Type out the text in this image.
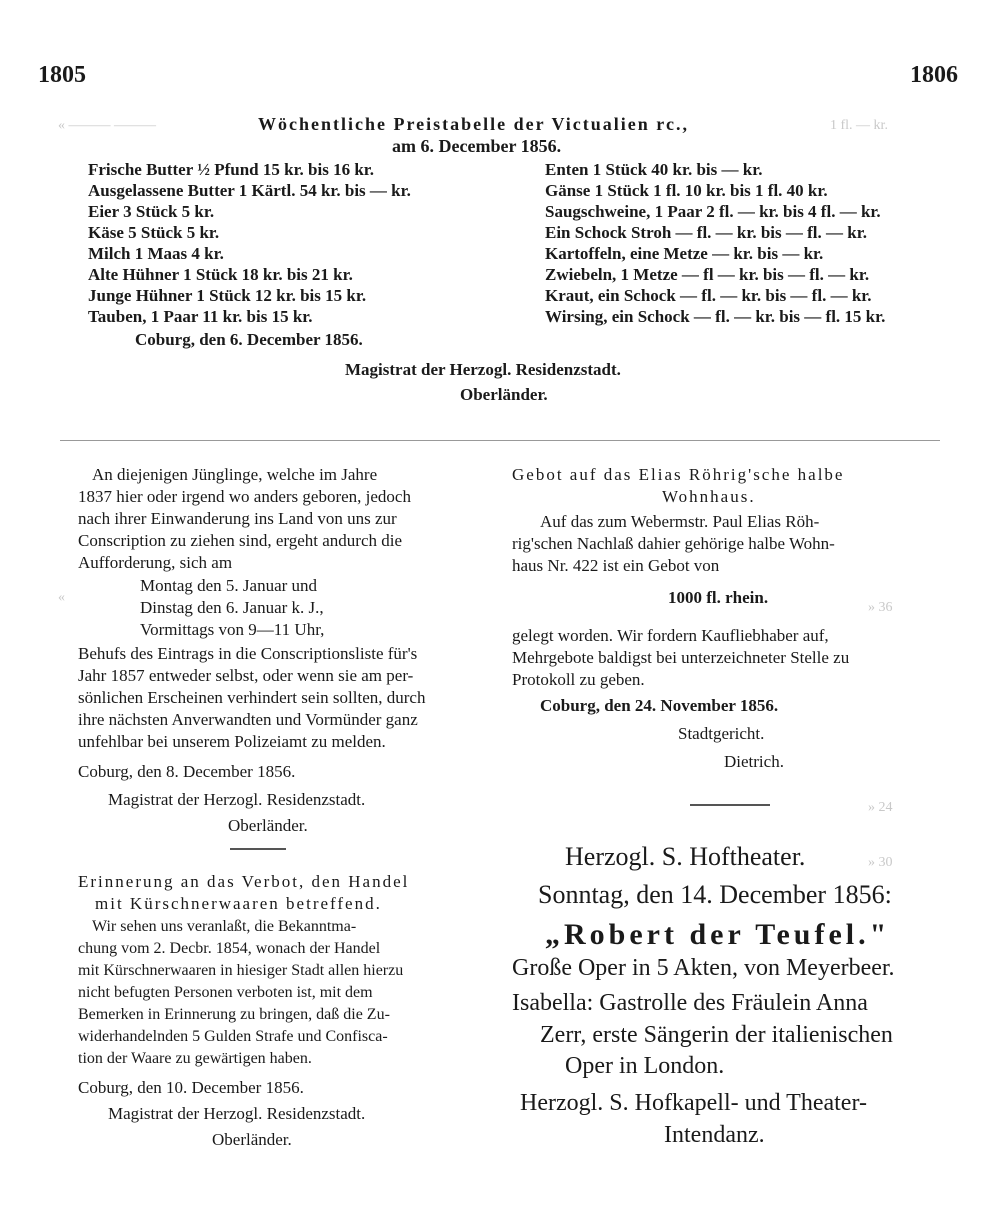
« ——— ———	1 fl. — kr.
«
» 36
» 24
» 30
1805	1806
Wöchentliche Preistabelle der Victualien rc.,
am 6. December 1856.
Frische Butter ½ Pfund 15 kr. bis 16 kr.
Ausgelassene Butter 1 Kärtl. 54 kr. bis — kr.
Eier 3 Stück 5 kr.
Käse 5 Stück 5 kr.
Milch 1 Maas 4 kr.
Alte Hühner 1 Stück 18 kr. bis 21 kr.
Junge Hühner 1 Stück 12 kr. bis 15 kr.
Tauben, 1 Paar 11 kr. bis 15 kr.
Enten 1 Stück 40 kr. bis — kr.
Gänse 1 Stück 1 fl. 10 kr. bis 1 fl. 40 kr.
Saugschweine, 1 Paar 2 fl. — kr. bis 4 fl. — kr.
Ein Schock Stroh — fl. — kr. bis — fl. — kr.
Kartoffeln, eine Metze — kr. bis — kr.
Zwiebeln, 1 Metze — fl — kr. bis — fl. — kr.
Kraut, ein Schock — fl. — kr. bis — fl. — kr.
Wirsing, ein Schock — fl. — kr. bis — fl. 15 kr.
Coburg, den 6. December 1856.
Magistrat der Herzogl. Residenzstadt.
Oberländer.
An diejenigen Jünglinge, welche im Jahre
1837 hier oder irgend wo anders geboren, jedoch
nach ihrer Einwanderung ins Land von uns zur
Conscription zu ziehen sind, ergeht andurch die
Aufforderung, sich am
Montag den 5. Januar und
Dinstag den 6. Januar k. J.,
Vormittags von 9—11 Uhr,
Behufs des Eintrags in die Conscriptionsliste für's
Jahr 1857 entweder selbst, oder wenn sie am per-
sönlichen Erscheinen verhindert sein sollten, durch
ihre nächsten Anverwandten und Vormünder ganz
unfehlbar bei unserem Polizeiamt zu melden.
Coburg, den 8. December 1856.
Magistrat der Herzogl. Residenzstadt.
Oberländer.
Erinnerung an das Verbot, den Handel
mit Kürschnerwaaren betreffend.
Wir sehen uns veranlaßt, die Bekanntma-
chung vom 2. Decbr. 1854, wonach der Handel
mit Kürschnerwaaren in hiesiger Stadt allen hierzu
nicht befugten Personen verboten ist, mit dem
Bemerken in Erinnerung zu bringen, daß die Zu-
widerhandelnden 5 Gulden Strafe und Confisca-
tion der Waare zu gewärtigen haben.
Coburg, den 10. December 1856.
Magistrat der Herzogl. Residenzstadt.
Oberländer.
Gebot auf das Elias Röhrig'sche halbe
Wohnhaus.
Auf das zum Webermstr. Paul Elias Röh-
rig'schen Nachlaß dahier gehörige halbe Wohn-
haus Nr. 422 ist ein Gebot von
1000 fl. rhein.
gelegt worden. Wir fordern Kaufliebhaber auf,
Mehrgebote baldigst bei unterzeichneter Stelle zu
Protokoll zu geben.
Coburg, den 24. November 1856.
Stadtgericht.
Dietrich.
Herzogl. S. Hoftheater.
Sonntag, den 14. December 1856:
„Robert der Teufel."
Große Oper in 5 Akten, von Meyerbeer.
Isabella: Gastrolle des Fräulein Anna
Zerr, erste Sängerin der italienischen
Oper in London.
Herzogl. S. Hofkapell- und Theater-
Intendanz.
